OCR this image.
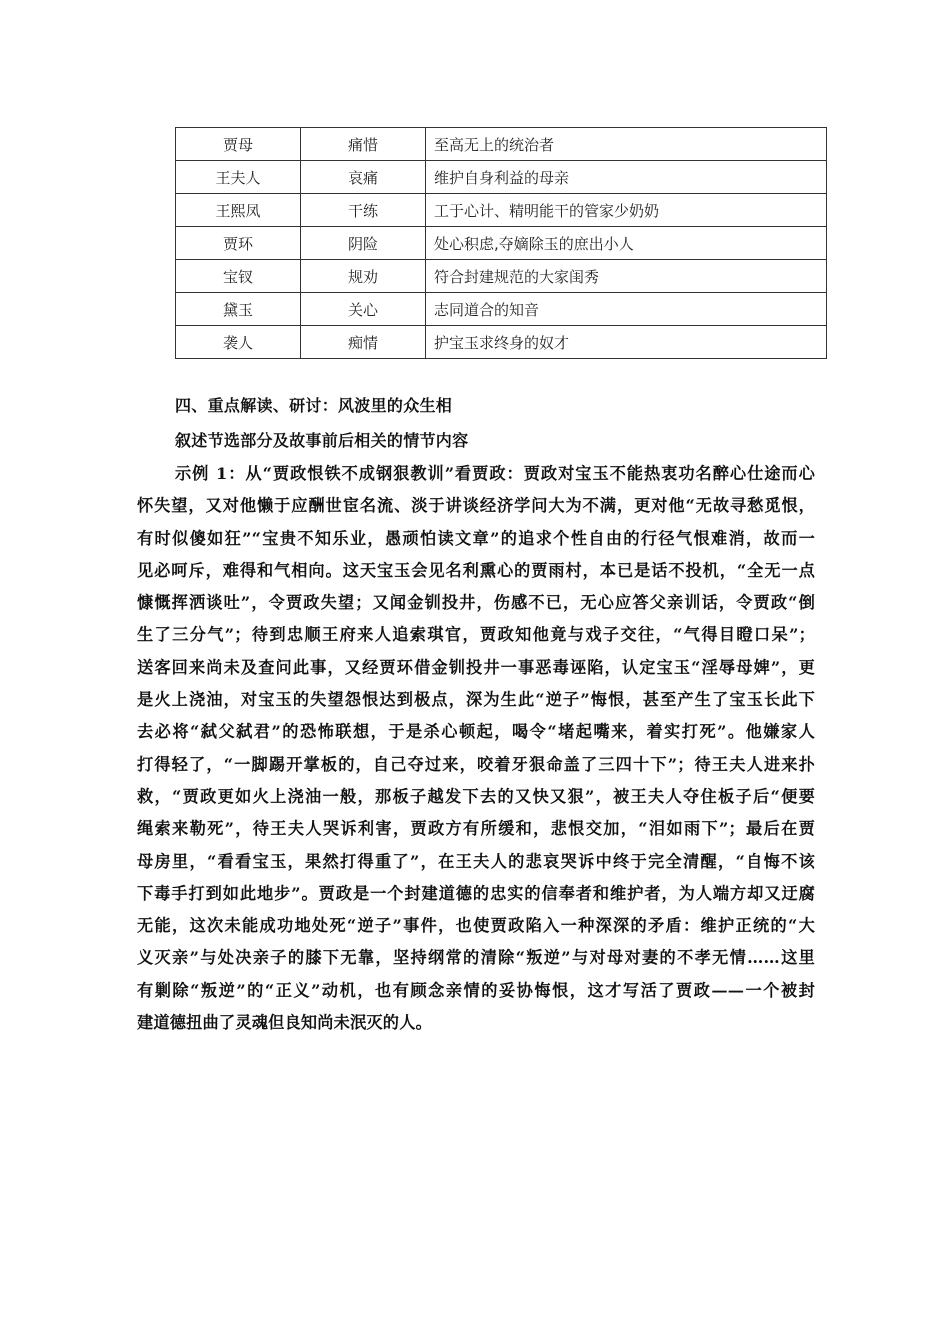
贾母	痛惜	至高无上的统治者
王夫人	哀痛	维护自身利益的母亲
王熙凤	干练	工于心计、精明能干的管家少奶奶
贾环	阴险	处心积虑,夺嫡除玉的庶出小人
宝钗	规劝	符合封建规范的大家闺秀
黛玉	关心	志同道合的知音
袭人	痴情	护宝玉求终身的奴才
四、重点解读、研讨：风波里的众生相
叙述节选部分及故事前后相关的情节内容
示例 1：从“贾政恨铁不成钢狠教训”看贾政：贾政对宝玉不能热衷功名醉心仕途而心
怀失望，又对他懒于应酬世宦名流、淡于讲谈经济学问大为不满，更对他“无故寻愁觅恨，
有时似傻如狂”“宝贵不知乐业，愚顽怕读文章”的追求个性自由的行径气恨难消，故而一
见必呵斥，难得和气相向。这天宝玉会见名利熏心的贾雨村，本已是话不投机，“全无一点
慷慨挥洒谈吐”，令贾政失望；又闻金钏投井，伤感不已，无心应答父亲训话，令贾政“倒
生了三分气”；待到忠顺王府来人追索琪官，贾政知他竟与戏子交往，“气得目瞪口呆”；
送客回来尚未及查问此事，又经贾环借金钏投井一事恶毒诬陷，认定宝玉“淫辱母婢”，更
是火上浇油，对宝玉的失望怨恨达到极点，深为生此“逆子”悔恨，甚至产生了宝玉长此下
去必将“弑父弑君”的恐怖联想，于是杀心顿起，喝令“堵起嘴来，着实打死”。他嫌家人
打得轻了，“一脚踢开掌板的，自己夺过来，咬着牙狠命盖了三四十下”；待王夫人进来扑
救，“贾政更如火上浇油一般，那板子越发下去的又快又狠”，被王夫人夺住板子后“便要
绳索来勒死”，待王夫人哭诉利害，贾政方有所缓和，悲恨交加，“泪如雨下”；最后在贾
母房里，“看看宝玉，果然打得重了”，在王夫人的悲哀哭诉中终于完全清醒，“自悔不该
下毒手打到如此地步”。贾政是一个封建道德的忠实的信奉者和维护者，为人端方却又迂腐
无能，这次未能成功地处死“逆子”事件，也使贾政陷入一种深深的矛盾：维护正统的“大
义灭亲”与处决亲子的膝下无靠，坚持纲常的清除“叛逆”与对母对妻的不孝无情……这里
有剿除“叛逆”的“正义”动机，也有顾念亲情的妥协悔恨，这才写活了贾政——一个被封
建道德扭曲了灵魂但良知尚未泯灭的人。
